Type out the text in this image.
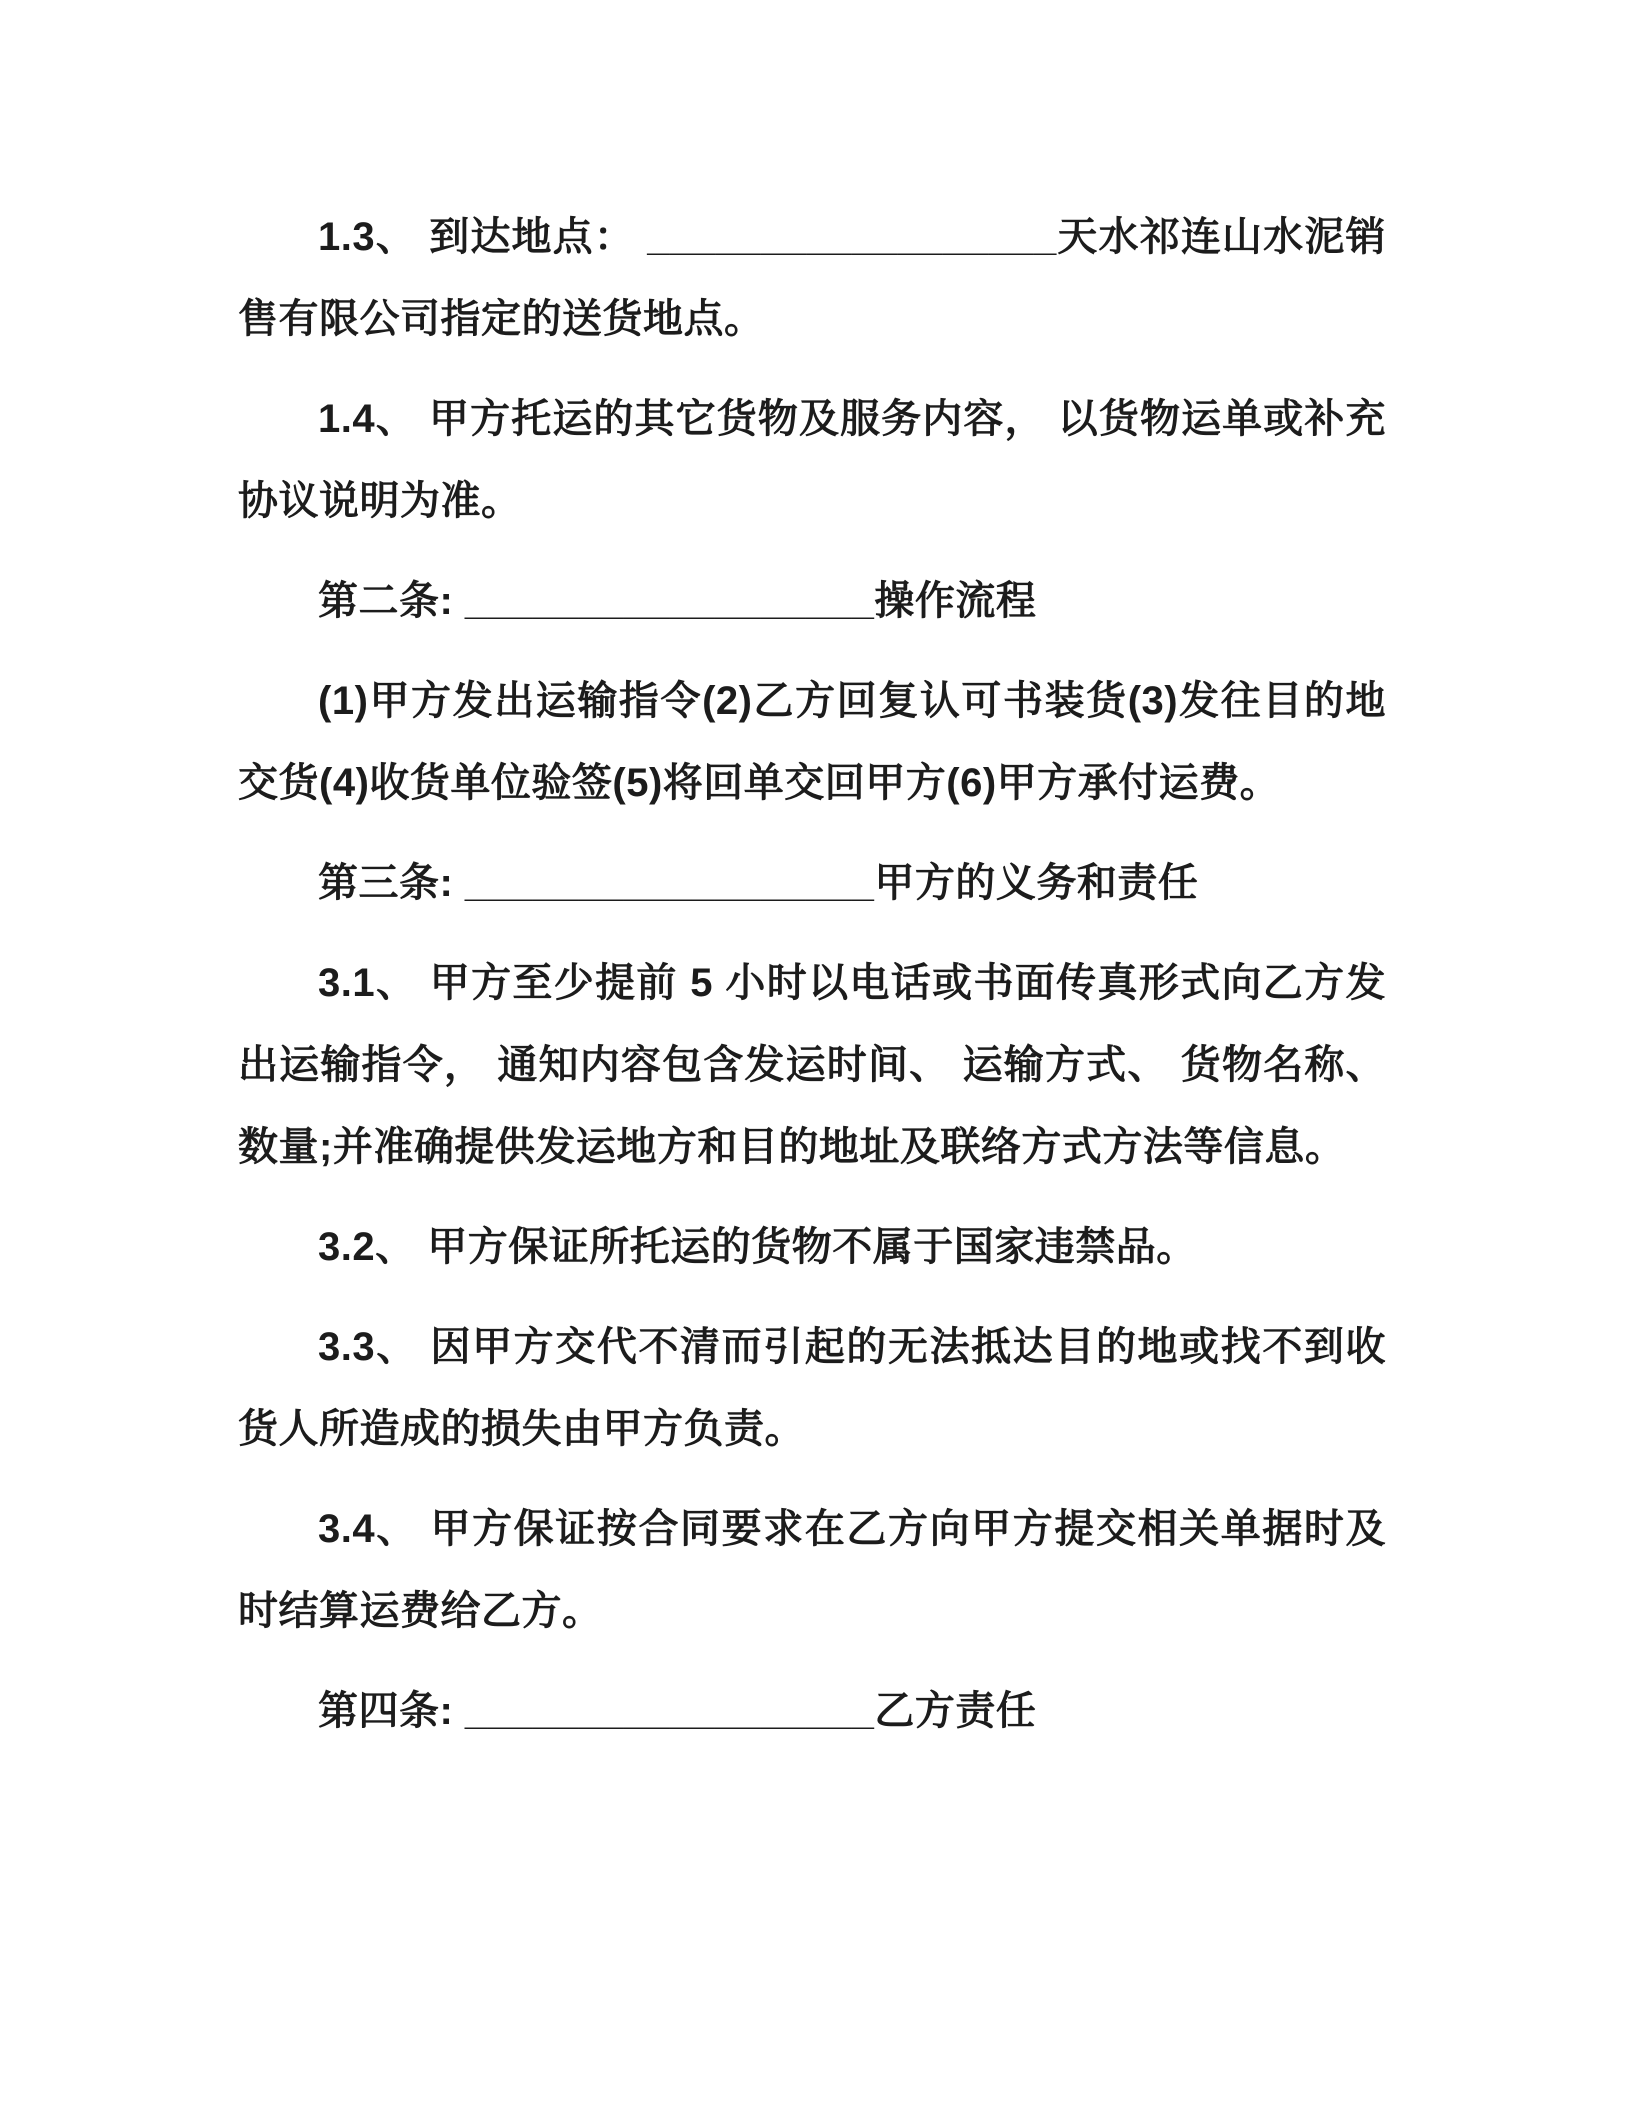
1.3、 到达地点： __________________天水祁连山水泥销售有限公司指定的送货地点。

1.4、 甲方托运的其它货物及服务内容， 以货物运单或补充协议说明为准。

第二条: __________________操作流程

(1)甲方发出运输指令(2)乙方回复认可书装货(3)发往目的地交货(4)收货单位验签(5)将回单交回甲方(6)甲方承付运费。

第三条: __________________甲方的义务和责任

3.1、 甲方至少提前 5 小时以电话或书面传真形式向乙方发出运输指令， 通知内容包含发运时间、 运输方式、 货物名称、 数量;并准确提供发运地方和目的地址及联络方式方法等信息。

3.2、 甲方保证所托运的货物不属于国家违禁品。

3.3、 因甲方交代不清而引起的无法抵达目的地或找不到收货人所造成的损失由甲方负责。

3.4、 甲方保证按合同要求在乙方向甲方提交相关单据时及时结算运费给乙方。

第四条: __________________乙方责任
